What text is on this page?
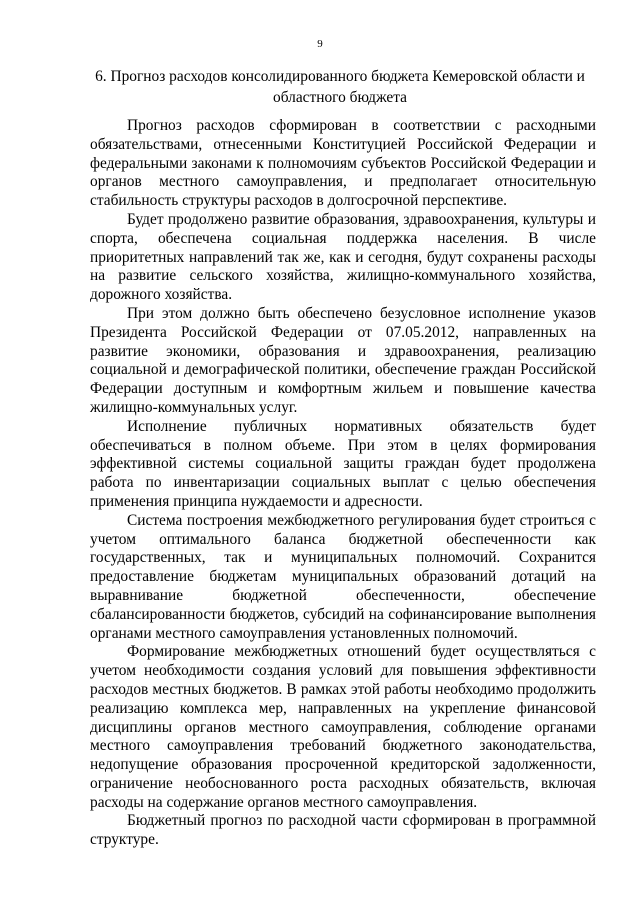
9
6. Прогноз расходов консолидированного бюджета Кемеровской области и областного бюджета

Прогноз расходов сформирован в соответствии с расходными обязательствами, отнесенными Конституцией Российской Федерации и федеральными законами к полномочиям субъектов Российской Федерации и органов местного самоуправления, и предполагает относительную стабильность структуры расходов в долгосрочной перспективе.

Будет продолжено развитие образования, здравоохранения, культуры и спорта, обеспечена социальная поддержка населения. В числе приоритетных направлений так же, как и сегодня, будут сохранены расходы на развитие сельского хозяйства, жилищно-коммунального хозяйства, дорожного хозяйства.

При этом должно быть обеспечено безусловное исполнение указов Президента Российской Федерации от 07.05.2012, направленных на развитие экономики, образования и здравоохранения, реализацию социальной и демографической политики, обеспечение граждан Российской Федерации доступным и комфортным жильем и повышение качества жилищно-коммунальных услуг.

Исполнение публичных нормативных обязательств будет обеспечиваться в полном объеме. При этом в целях формирования эффективной системы социальной защиты граждан будет продолжена работа по инвентаризации социальных выплат с целью обеспечения применения принципа нуждаемости и адресности.

Система построения межбюджетного регулирования будет строиться с учетом оптимального баланса бюджетной обеспеченности как государственных, так и муниципальных полномочий. Сохранится предоставление бюджетам муниципальных образований дотаций на выравнивание бюджетной обеспеченности, обеспечение сбалансированности бюджетов, субсидий на софинансирование выполнения органами местного самоуправления установленных полномочий.

Формирование межбюджетных отношений будет осуществляться с учетом необходимости создания условий для повышения эффективности расходов местных бюджетов. В рамках этой работы необходимо продолжить реализацию комплекса мер, направленных на укрепление финансовой дисциплины органов местного самоуправления, соблюдение органами местного самоуправления требований бюджетного законодательства, недопущение образования просроченной кредиторской задолженности, ограничение необоснованного роста расходных обязательств, включая расходы на содержание органов местного самоуправления.

Бюджетный прогноз по расходной части сформирован в программной структуре.
